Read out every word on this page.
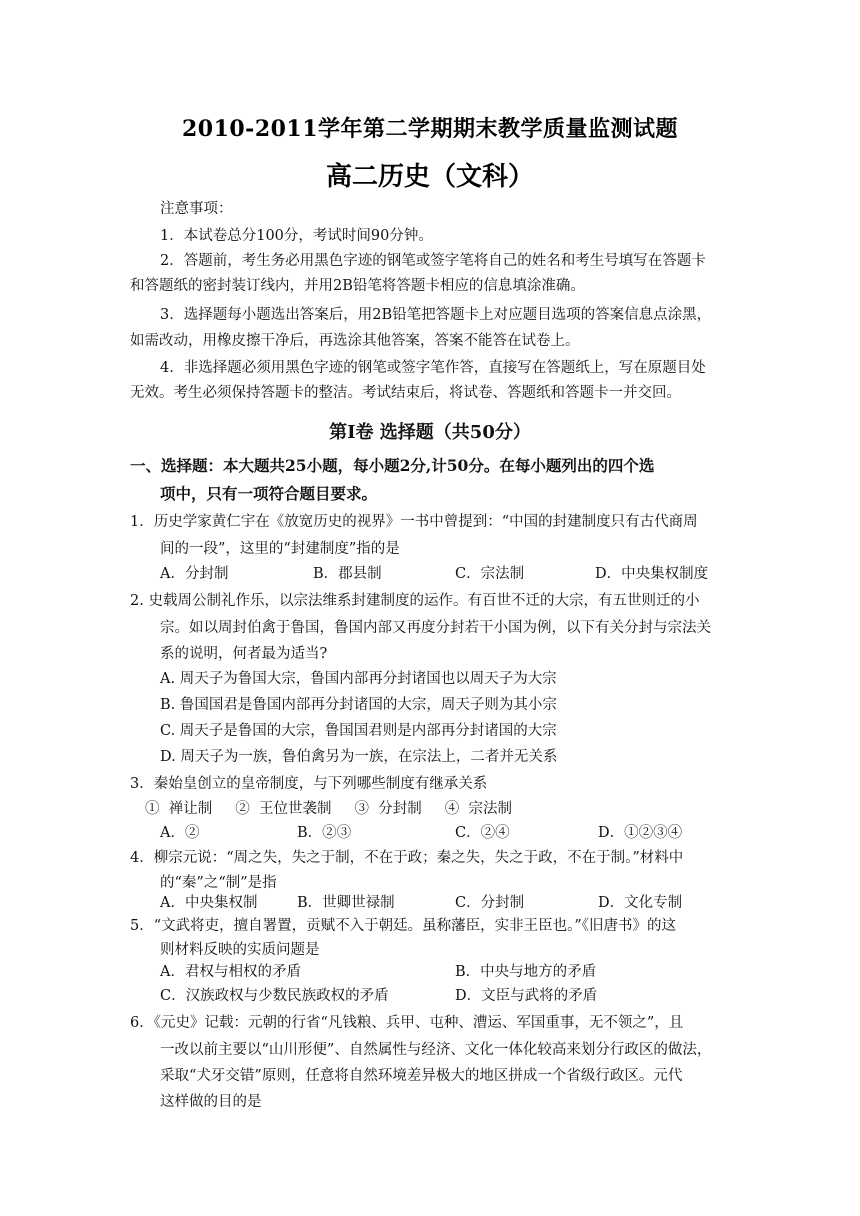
2010-2011学年第二学期期末教学质量监测试题
高二历史（文科）
注意事项：
1．本试卷总分100分，考试时间90分钟。
2．答题前，考生务必用黑色字迹的钢笔或签字笔将自己的姓名和考生号填写在答题卡
和答题纸的密封装订线内，并用2B铅笔将答题卡相应的信息填涂准确。
3．选择题每小题选出答案后，用2B铅笔把答题卡上对应题目选项的答案信息点涂黑，
如需改动，用橡皮擦干净后，再选涂其他答案，答案不能答在试卷上。
4．非选择题必须用黑色字迹的钢笔或签字笔作答，直接写在答题纸上，写在原题目处
无效。考生必须保持答题卡的整洁。考试结束后，将试卷、答题纸和答题卡一并交回。
第Ⅰ卷 选择题（共50分）
一、选择题：本大题共25小题，每小题2分,计50分。在每小题列出的四个选
项中，只有一项符合题目要求。
1．历史学家黄仁宇在《放宽历史的视界》一书中曾提到：“中国的封建制度只有古代商周
间的一段”，这里的“封建制度”指的是
A．分封制	B．郡县制	C．宗法制	D．中央集权制度
2. 史载周公制礼作乐，以宗法维系封建制度的运作。有百世不迁的大宗，有五世则迁的小
宗。如以周封伯禽于鲁国，鲁国内部又再度分封若干小国为例，以下有关分封与宗法关
系的说明，何者最为适当?
A. 周天子为鲁国大宗，鲁国内部再分封诸国也以周天子为大宗
B. 鲁国国君是鲁国内部再分封诸国的大宗，周天子则为其小宗
C. 周天子是鲁国的大宗，鲁国国君则是内部再分封诸国的大宗
D. 周天子为一族，鲁伯禽另为一族，在宗法上，二者并无关系
3．秦始皇创立的皇帝制度，与下列哪些制度有继承关系
①  禅让制     ②  王位世袭制     ③  分封制     ④  宗法制
A．②	B．②③	C．②④	D．①②③④
4．柳宗元说：“周之失，失之于制，不在于政；秦之失，失之于政，不在于制。”材料中
的“秦”之“制”是指
A．中央集权制	B．世卿世禄制	C．分封制	D．文化专制
5．“文武将吏，擅自署置，贡赋不入于朝廷。虽称藩臣，实非王臣也。”《旧唐书》的这
则材料反映的实质问题是
A．君权与相权的矛盾	B．中央与地方的矛盾
C．汉族政权与少数民族政权的矛盾	D．文臣与武将的矛盾
6．《元史》记载：元朝的行省“凡钱粮、兵甲、屯种、漕运、军国重事，无不领之”，且
一改以前主要以“山川形便”、自然属性与经济、文化一体化较高来划分行政区的做法，
采取“犬牙交错”原则，任意将自然环境差异极大的地区拼成一个省级行政区。元代
这样做的目的是
